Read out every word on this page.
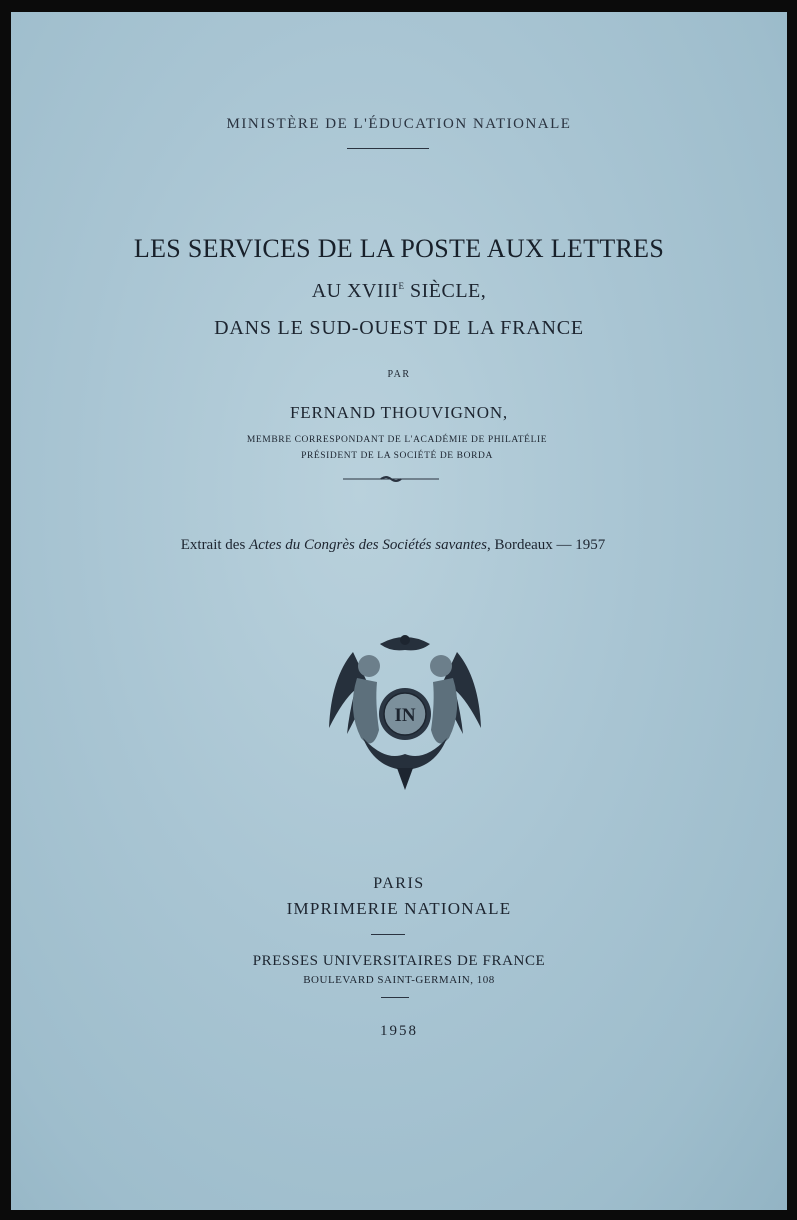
MINISTÈRE DE L'ÉDUCATION NATIONALE
LES SERVICES DE LA POSTE AUX LETTRES
AU $XVIII^E$ SIÈCLE,
DANS LE SUD-OUEST DE LA FRANCE
PAR
FERNAND THOUVIGNON,
MEMBRE CORRESPONDANT DE L'ACADÉMIE DE PHILATÉLIE
PRÉSIDENT DE LA SOCIÉTÉ DE BORDA
Extrait des Actes du Congrès des Sociétés savantes, Bordeaux — 1957
IN
PARIS
IMPRIMERIE NATIONALE
PRESSES UNIVERSITAIRES DE FRANCE
BOULEVARD SAINT-GERMAIN, 108
1958
